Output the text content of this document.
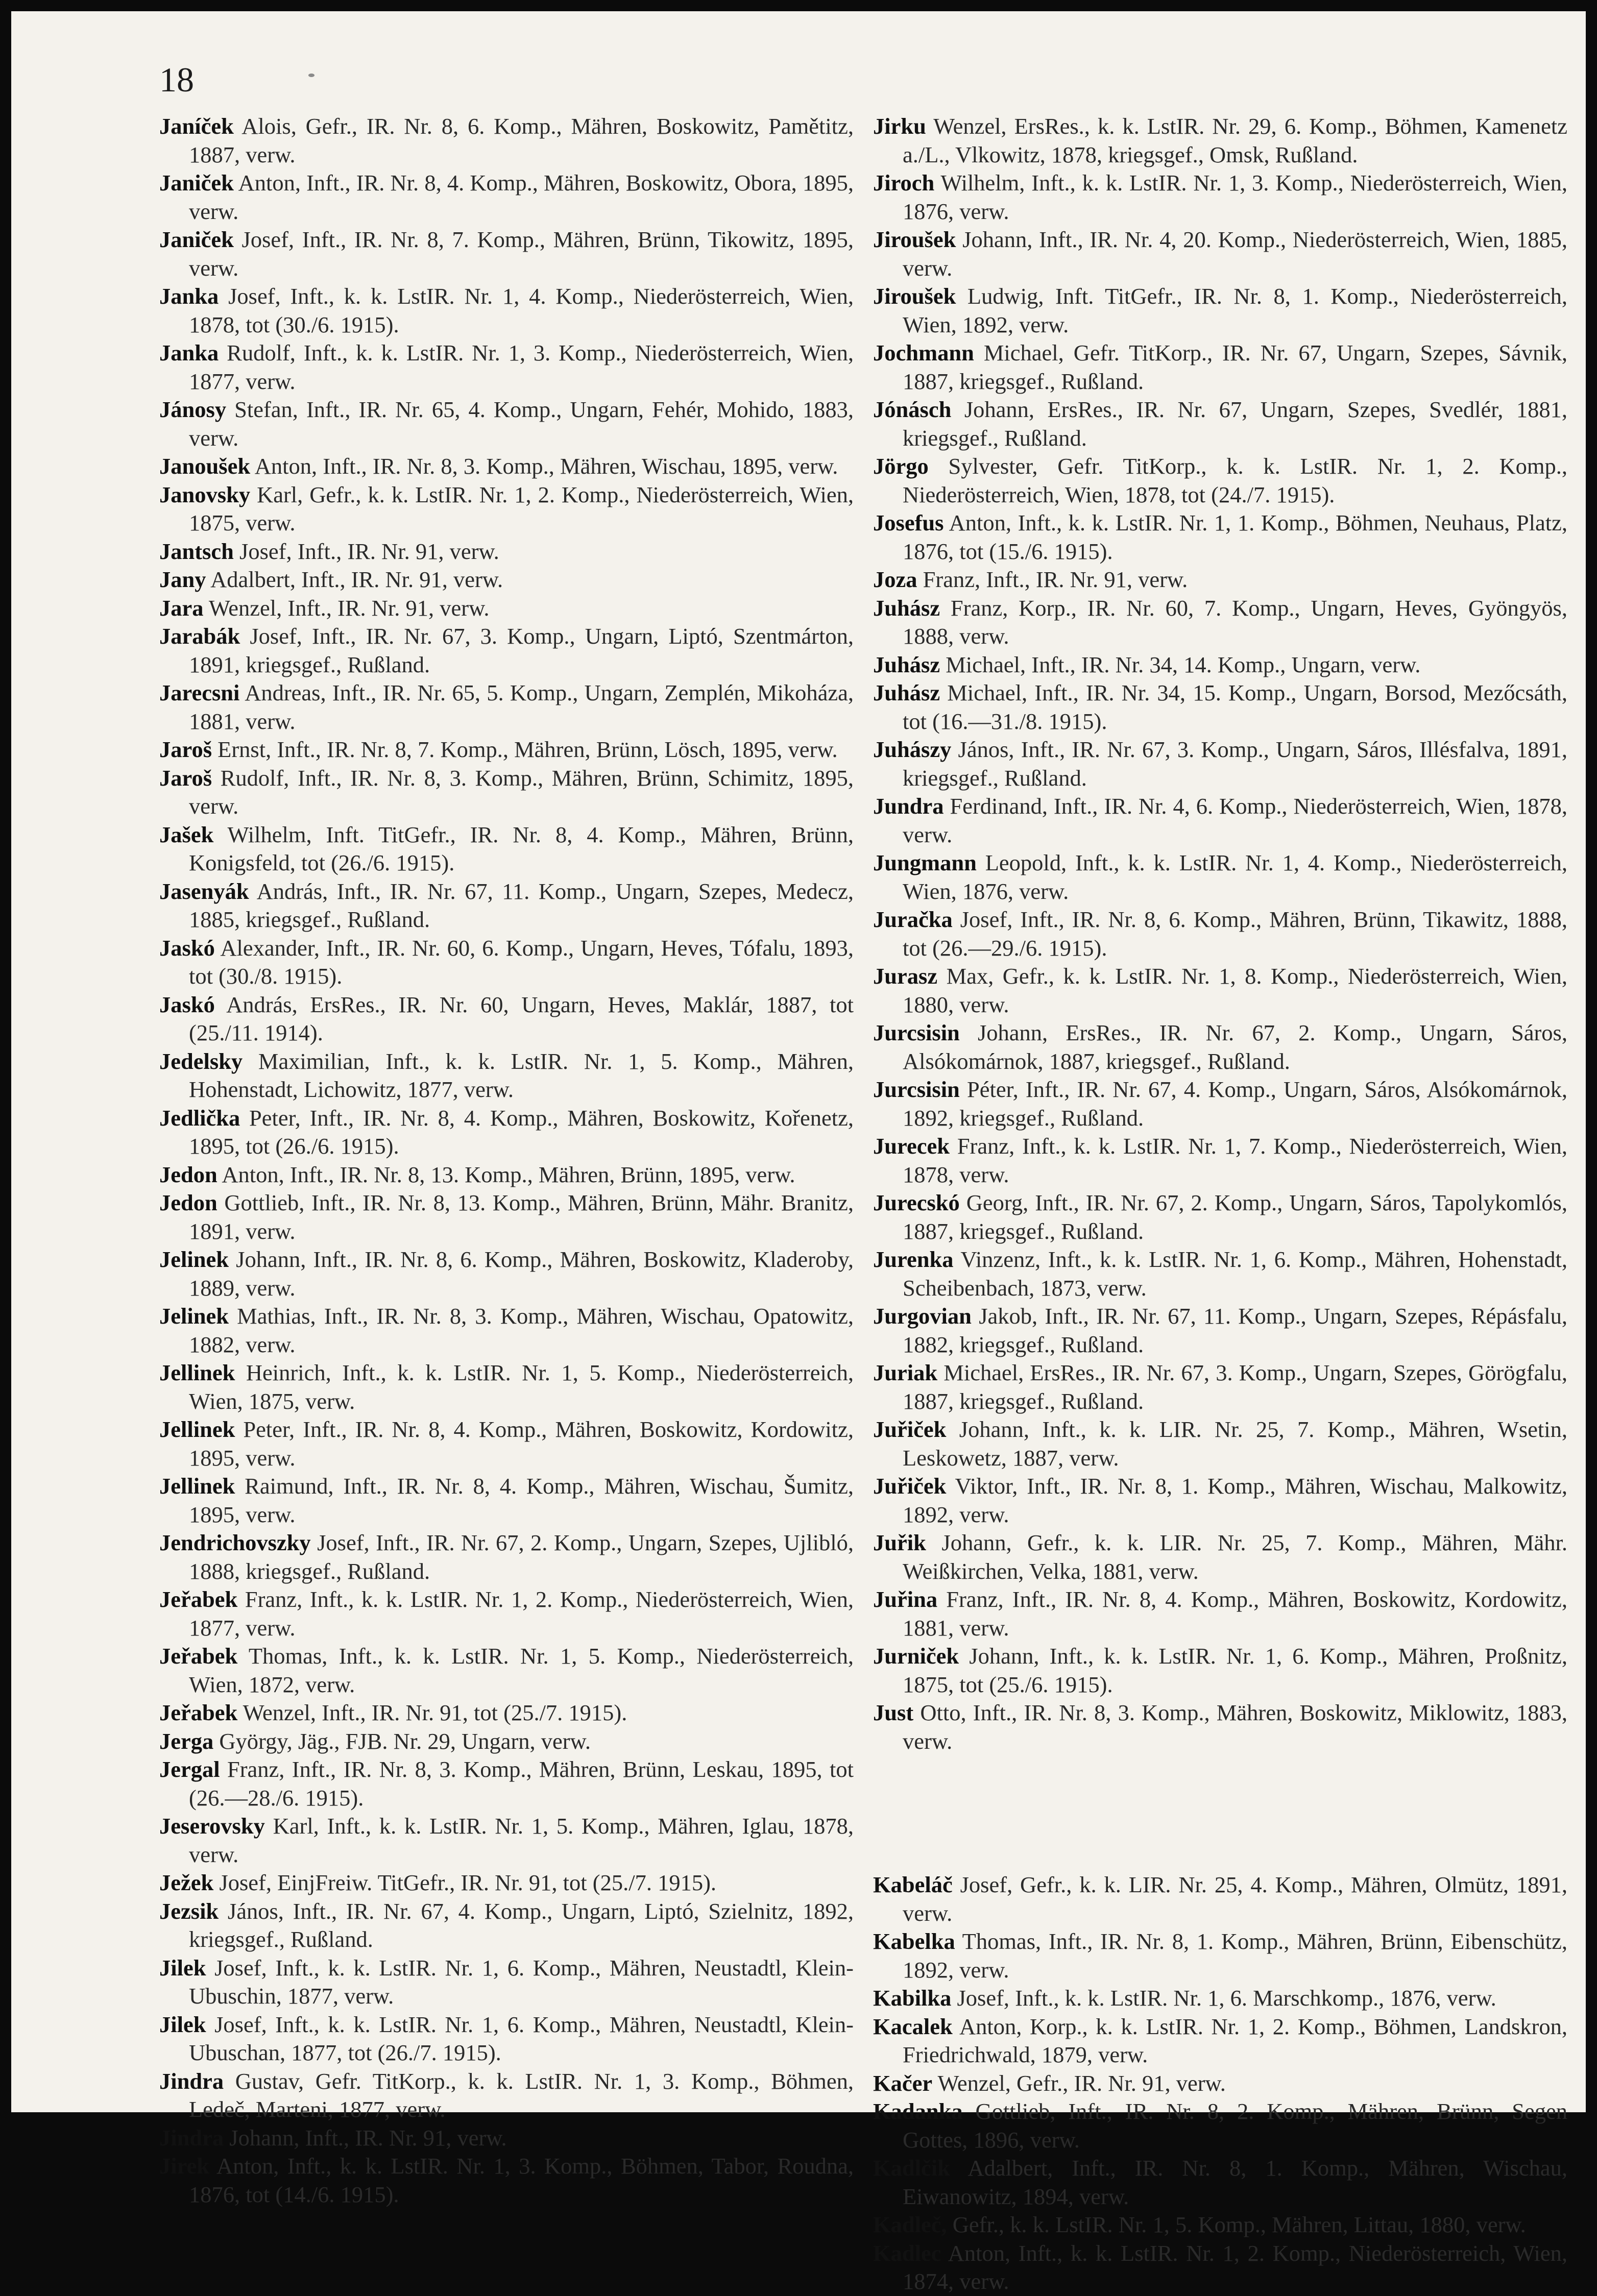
18

Janíček Alois, Gefr., IR. Nr. 8, 6. Komp., Mähren, Boskowitz, Pamětitz, 1887, verw.

Janiček Anton, Inft., IR. Nr. 8, 4. Komp., Mähren, Boskowitz, Obora, 1895, verw.

Janiček Josef, Inft., IR. Nr. 8, 7. Komp., Mähren, Brünn, Tikowitz, 1895, verw.

Janka Josef, Inft., k. k. LstIR. Nr. 1, 4. Komp., Niederösterreich, Wien, 1878, tot (30./6. 1915).

Janka Rudolf, Inft., k. k. LstIR. Nr. 1, 3. Komp., Niederösterreich, Wien, 1877, verw.

Jánosy Stefan, Inft., IR. Nr. 65, 4. Komp., Ungarn, Fehér, Mohido, 1883, verw.

Janoušek Anton, Inft., IR. Nr. 8, 3. Komp., Mähren, Wischau, 1895, verw.

Janovsky Karl, Gefr., k. k. LstIR. Nr. 1, 2. Komp., Niederösterreich, Wien, 1875, verw.

Jantsch Josef, Inft., IR. Nr. 91, verw.

Jany Adalbert, Inft., IR. Nr. 91, verw.

Jara Wenzel, Inft., IR. Nr. 91, verw.

Jarabák Josef, Inft., IR. Nr. 67, 3. Komp., Ungarn, Liptó, Szentmárton, 1891, kriegsgef., Rußland.

Jarecsni Andreas, Inft., IR. Nr. 65, 5. Komp., Ungarn, Zemplén, Mikoháza, 1881, verw.

Jaroš Ernst, Inft., IR. Nr. 8, 7. Komp., Mähren, Brünn, Lösch, 1895, verw.

Jaroš Rudolf, Inft., IR. Nr. 8, 3. Komp., Mähren, Brünn, Schimitz, 1895, verw.

Jašek Wilhelm, Inft. TitGefr., IR. Nr. 8, 4. Komp., Mähren, Brünn, Konigsfeld, tot (26./6. 1915).

Jasenyák András, Inft., IR. Nr. 67, 11. Komp., Ungarn, Szepes, Medecz, 1885, kriegsgef., Rußland.

Jaskó Alexander, Inft., IR. Nr. 60, 6. Komp., Ungarn, Heves, Tófalu, 1893, tot (30./8. 1915).

Jaskó András, ErsRes., IR. Nr. 60, Ungarn, Heves, Maklár, 1887, tot (25./11. 1914).

Jedelsky Maximilian, Inft., k. k. LstIR. Nr. 1, 5. Komp., Mähren, Hohenstadt, Lichowitz, 1877, verw.

Jedlička Peter, Inft., IR. Nr. 8, 4. Komp., Mähren, Boskowitz, Kořenetz, 1895, tot (26./6. 1915).

Jedon Anton, Inft., IR. Nr. 8, 13. Komp., Mähren, Brünn, 1895, verw.

Jedon Gottlieb, Inft., IR. Nr. 8, 13. Komp., Mähren, Brünn, Mähr. Branitz, 1891, verw.

Jelinek Johann, Inft., IR. Nr. 8, 6. Komp., Mähren, Boskowitz, Kladeroby, 1889, verw.

Jelinek Mathias, Inft., IR. Nr. 8, 3. Komp., Mähren, Wischau, Opatowitz, 1882, verw.

Jellinek Heinrich, Inft., k. k. LstIR. Nr. 1, 5. Komp., Niederösterreich, Wien, 1875, verw.

Jellinek Peter, Inft., IR. Nr. 8, 4. Komp., Mähren, Boskowitz, Kordowitz, 1895, verw.

Jellinek Raimund, Inft., IR. Nr. 8, 4. Komp., Mähren, Wischau, Šumitz, 1895, verw.

Jendrichovszky Josef, Inft., IR. Nr. 67, 2. Komp., Ungarn, Szepes, Ujlibló, 1888, kriegsgef., Rußland.

Jeřabek Franz, Inft., k. k. LstIR. Nr. 1, 2. Komp., Niederösterreich, Wien, 1877, verw.

Jeřabek Thomas, Inft., k. k. LstIR. Nr. 1, 5. Komp., Niederösterreich, Wien, 1872, verw.

Jeřabek Wenzel, Inft., IR. Nr. 91, tot (25./7. 1915).

Jerga György, Jäg., FJB. Nr. 29, Ungarn, verw.

Jergal Franz, Inft., IR. Nr. 8, 3. Komp., Mähren, Brünn, Leskau, 1895, tot (26.—28./6. 1915).

Jeserovsky Karl, Inft., k. k. LstIR. Nr. 1, 5. Komp., Mähren, Iglau, 1878, verw.

Ježek Josef, EinjFreiw. TitGefr., IR. Nr. 91, tot (25./7. 1915).

Jezsik János, Inft., IR. Nr. 67, 4. Komp., Ungarn, Liptó, Szielnitz, 1892, kriegsgef., Rußland.

Jilek Josef, Inft., k. k. LstIR. Nr. 1, 6. Komp., Mähren, Neustadtl, Klein-Ubuschin, 1877, verw.

Jilek Josef, Inft., k. k. LstIR. Nr. 1, 6. Komp., Mähren, Neustadtl, Klein-Ubuschan, 1877, tot (26./7. 1915).

Jindra Gustav, Gefr. TitKorp., k. k. LstIR. Nr. 1, 3. Komp., Böhmen, Ledeč, Marteni, 1877, verw.

Jindra Johann, Inft., IR. Nr. 91, verw.

Jirek Anton, Inft., k. k. LstIR. Nr. 1, 3. Komp., Böhmen, Tabor, Roudna, 1876, tot (14./6. 1915).

Jirku Wenzel, ErsRes., k. k. LstIR. Nr. 29, 6. Komp., Böhmen, Kamenetz a./L., Vlkowitz, 1878, kriegsgef., Omsk, Rußland.

Jiroch Wilhelm, Inft., k. k. LstIR. Nr. 1, 3. Komp., Niederösterreich, Wien, 1876, verw.

Jiroušek Johann, Inft., IR. Nr. 4, 20. Komp., Niederösterreich, Wien, 1885, verw.

Jiroušek Ludwig, Inft. TitGefr., IR. Nr. 8, 1. Komp., Niederösterreich, Wien, 1892, verw.

Jochmann Michael, Gefr. TitKorp., IR. Nr. 67, Ungarn, Szepes, Sávnik, 1887, kriegsgef., Rußland.

Jónásch Johann, ErsRes., IR. Nr. 67, Ungarn, Szepes, Svedlér, 1881, kriegsgef., Rußland.

Jörgo Sylvester, Gefr. TitKorp., k. k. LstIR. Nr. 1, 2. Komp., Niederösterreich, Wien, 1878, tot (24./7. 1915).

Josefus Anton, Inft., k. k. LstIR. Nr. 1, 1. Komp., Böhmen, Neuhaus, Platz, 1876, tot (15./6. 1915).

Joza Franz, Inft., IR. Nr. 91, verw.

Juhász Franz, Korp., IR. Nr. 60, 7. Komp., Ungarn, Heves, Gyöngyös, 1888, verw.

Juhász Michael, Inft., IR. Nr. 34, 14. Komp., Ungarn, verw.

Juhász Michael, Inft., IR. Nr. 34, 15. Komp., Ungarn, Borsod, Mezőcsáth, tot (16.—31./8. 1915).

Juhászy János, Inft., IR. Nr. 67, 3. Komp., Ungarn, Sáros, Illésfalva, 1891, kriegsgef., Rußland.

Jundra Ferdinand, Inft., IR. Nr. 4, 6. Komp., Niederösterreich, Wien, 1878, verw.

Jungmann Leopold, Inft., k. k. LstIR. Nr. 1, 4. Komp., Niederösterreich, Wien, 1876, verw.

Juračka Josef, Inft., IR. Nr. 8, 6. Komp., Mähren, Brünn, Tikawitz, 1888, tot (26.—29./6. 1915).

Jurasz Max, Gefr., k. k. LstIR. Nr. 1, 8. Komp., Niederösterreich, Wien, 1880, verw.

Jurcsisin Johann, ErsRes., IR. Nr. 67, 2. Komp., Ungarn, Sáros, Alsókomárnok, 1887, kriegsgef., Rußland.

Jurcsisin Péter, Inft., IR. Nr. 67, 4. Komp., Ungarn, Sáros, Alsókomárnok, 1892, kriegsgef., Rußland.

Jurecek Franz, Inft., k. k. LstIR. Nr. 1, 7. Komp., Niederösterreich, Wien, 1878, verw.

Jurecskó Georg, Inft., IR. Nr. 67, 2. Komp., Ungarn, Sáros, Tapolykomlós, 1887, kriegsgef., Rußland.

Jurenka Vinzenz, Inft., k. k. LstIR. Nr. 1, 6. Komp., Mähren, Hohenstadt, Scheibenbach, 1873, verw.

Jurgovian Jakob, Inft., IR. Nr. 67, 11. Komp., Ungarn, Szepes, Répásfalu, 1882, kriegsgef., Rußland.

Juriak Michael, ErsRes., IR. Nr. 67, 3. Komp., Ungarn, Szepes, Görögfalu, 1887, kriegsgef., Rußland.

Juřiček Johann, Inft., k. k. LIR. Nr. 25, 7. Komp., Mähren, Wsetin, Leskowetz, 1887, verw.

Juřiček Viktor, Inft., IR. Nr. 8, 1. Komp., Mähren, Wischau, Malkowitz, 1892, verw.

Juřik Johann, Gefr., k. k. LIR. Nr. 25, 7. Komp., Mähren, Mähr. Weißkirchen, Velka, 1881, verw.

Juřina Franz, Inft., IR. Nr. 8, 4. Komp., Mähren, Boskowitz, Kordowitz, 1881, verw.

Jurniček Johann, Inft., k. k. LstIR. Nr. 1, 6. Komp., Mähren, Proßnitz, 1875, tot (25./6. 1915).

Just Otto, Inft., IR. Nr. 8, 3. Komp., Mähren, Boskowitz, Miklowitz, 1883, verw.

Kabeláč Josef, Gefr., k. k. LIR. Nr. 25, 4. Komp., Mähren, Olmütz, 1891, verw.

Kabelka Thomas, Inft., IR. Nr. 8, 1. Komp., Mähren, Brünn, Eibenschütz, 1892, verw.

Kabilka Josef, Inft., k. k. LstIR. Nr. 1, 6. Marschkomp., 1876, verw.

Kacalek Anton, Korp., k. k. LstIR. Nr. 1, 2. Komp., Böhmen, Landskron, Friedrichwald, 1879, verw.

Kačer Wenzel, Gefr., IR. Nr. 91, verw.

Kadanka Gottlieb, Inft., IR. Nr. 8, 2. Komp., Mähren, Brünn, Segen Gottes, 1896, verw.

Kadlčik Adalbert, Inft., IR. Nr. 8, 1. Komp., Mähren, Wischau, Eiwanowitz, 1894, verw.

Kadleč, Gefr., k. k. LstIR. Nr. 1, 5. Komp., Mähren, Littau, 1880, verw.

Kadlec Anton, Inft., k. k. LstIR. Nr. 1, 2. Komp., Niederösterreich, Wien, 1874, verw.
